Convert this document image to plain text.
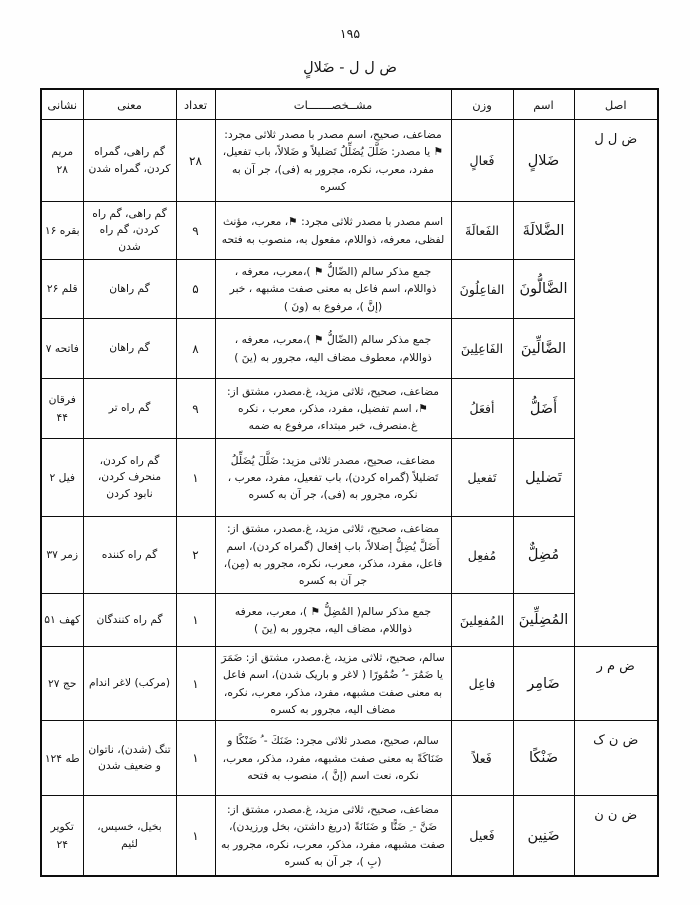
۱۹۵
ض ل ل - ضَلالٍ
اصل	اسم	وزن	مشــخصـــــــات	تعداد	معنى	نشانى
ض ل ل	ضَلالٍ	فَعالٍ	مضاعف، صحيح، اسم مصدر با مصدر ثلاثى مجرد: ⚑ يا مصدر: ضَلَّلَ يُضَلِّلُ تَضليلاً و ضَلالاً، باب تفعيل، مفرد، معرب، نكره، مجرور به (فى)، جر آن به كسره	۲۸	گم راهى، گمراه كردن، گمراه شدن	مريم ۲۸
	الضَّلالَةَ	الفَعالَةَ	اسم مصدر با مصدر ثلاثى مجرد: ⚑، معرب، مؤنث لفظى، معرفه، ذواللام، مفعول به، منصوب به فتحه	۹	گم راهى، گم راه كردن، گم راه شدن	بقره ۱۶
	الضَّالُّونَ	الفاعِلُونَ	جمع مذكر سالم (الضّالُّ ⚑ )،معرب، معرفه ، ذواللام، اسم فاعل به معنى صفت مشبهه ، خبر (إنَّ )، مرفوع به (ونَ )	۵	گم راهان	قلم ۲۶
	الضَّالِّينَ	الفَاعِلِينَ	جمع مذكر سالم (الضّالُّ ⚑ )،معرب، معرفه ، ذواللام، معطوف مضاف اليه، مجرور به (ينَ )	۸	گم راهان	فاتحه ۷
	أَضَلُّ	أفعَلُ	مضاعف، صحيح، ثلاثى مزيد، غ.مصدر، مشتق از: ⚑، اسم تفضيل، مفرد، مذكر، معرب ، نكره غ.منصرف، خبر مبتداء، مرفوع به ضمه	۹	گم راه تر	فرقان ۴۴
	تَضليل	تَفعيل	مضاعف، صحيح، مصدر ثلاثى مزيد: ضَلَّلَ يُضَلِّلُ تَضليلاً (گمراه كردن)، باب تفعيل، مفرد، معرب ، نكره، مجرور به (فى)، جر آن به كسره	۱	گم راه كردن، منحرف كردن، نابود كردن	فيل ۲
	مُضِلٌّ	مُفعِل	مضاعف، صحيح، ثلاثى مزيد، غ.مصدر، مشتق از: أَضَلَّ يُضِلُّ إضلالاً، باب إفعال (گمراه كردن)، اسم فاعل، مفرد، مذكر، معرب، نكره، مجرور به (مِن)، جر آن به كسره	۲	گم راه كننده	زمر ۳۷
	المُضِلِّينَ	المُفعِلينَ	جمع مذكر سالم( المُضِلُّ ⚑ )، معرب، معرفه ذواللام، مضاف اليه، مجرور به (ينَ )	۱	گم راه كنندگان	كهف ۵۱
ض م ر	ضَامِر	فاعِل	سالم، صحيح، ثلاثى مزيد، غ.مصدر، مشتق از: ضَمَرَ يا ضَمُرَ - ُ ضُمُورًا ( لاغر و باريک شدن)، اسم فاعل به معنى صفت مشبهه، مفرد، مذكر، معرب، نكره، مضاف اليه، مجرور به كسره	۱	(مركب) لاغر اندام	حج ۲۷
ض ن ک	ضَنْكًا	فَعلاً	سالم، صحيح، مصدر ثلاثى مجرد: ضَنَكَ - ُ ضَنْكًا و ضَنَاكَةً به معنى صفت مشبهه، مفرد، مذكر، معرب، نكره، نعت اسم (إنَّ )، منصوب به فتحه	۱	تنگ (شدن)، ناتوان و ضعيف شدن	طه ۱۲۴
ض ن ن	ضَنِين	فَعيل	مضاعف، صحيح، ثلاثى مزيد، غ.مصدر، مشتق از: ضَنَّ - ِ ضَنًّا و ضَنَانَةً (دريغ داشتن، بخل ورزيدن)، صفت مشبهه، مفرد، مذكر، معرب، نكره، مجرور به (بِ )، جر آن به كسره	۱	بخيل، خسيس، لئيم	تكوير ۲۴
